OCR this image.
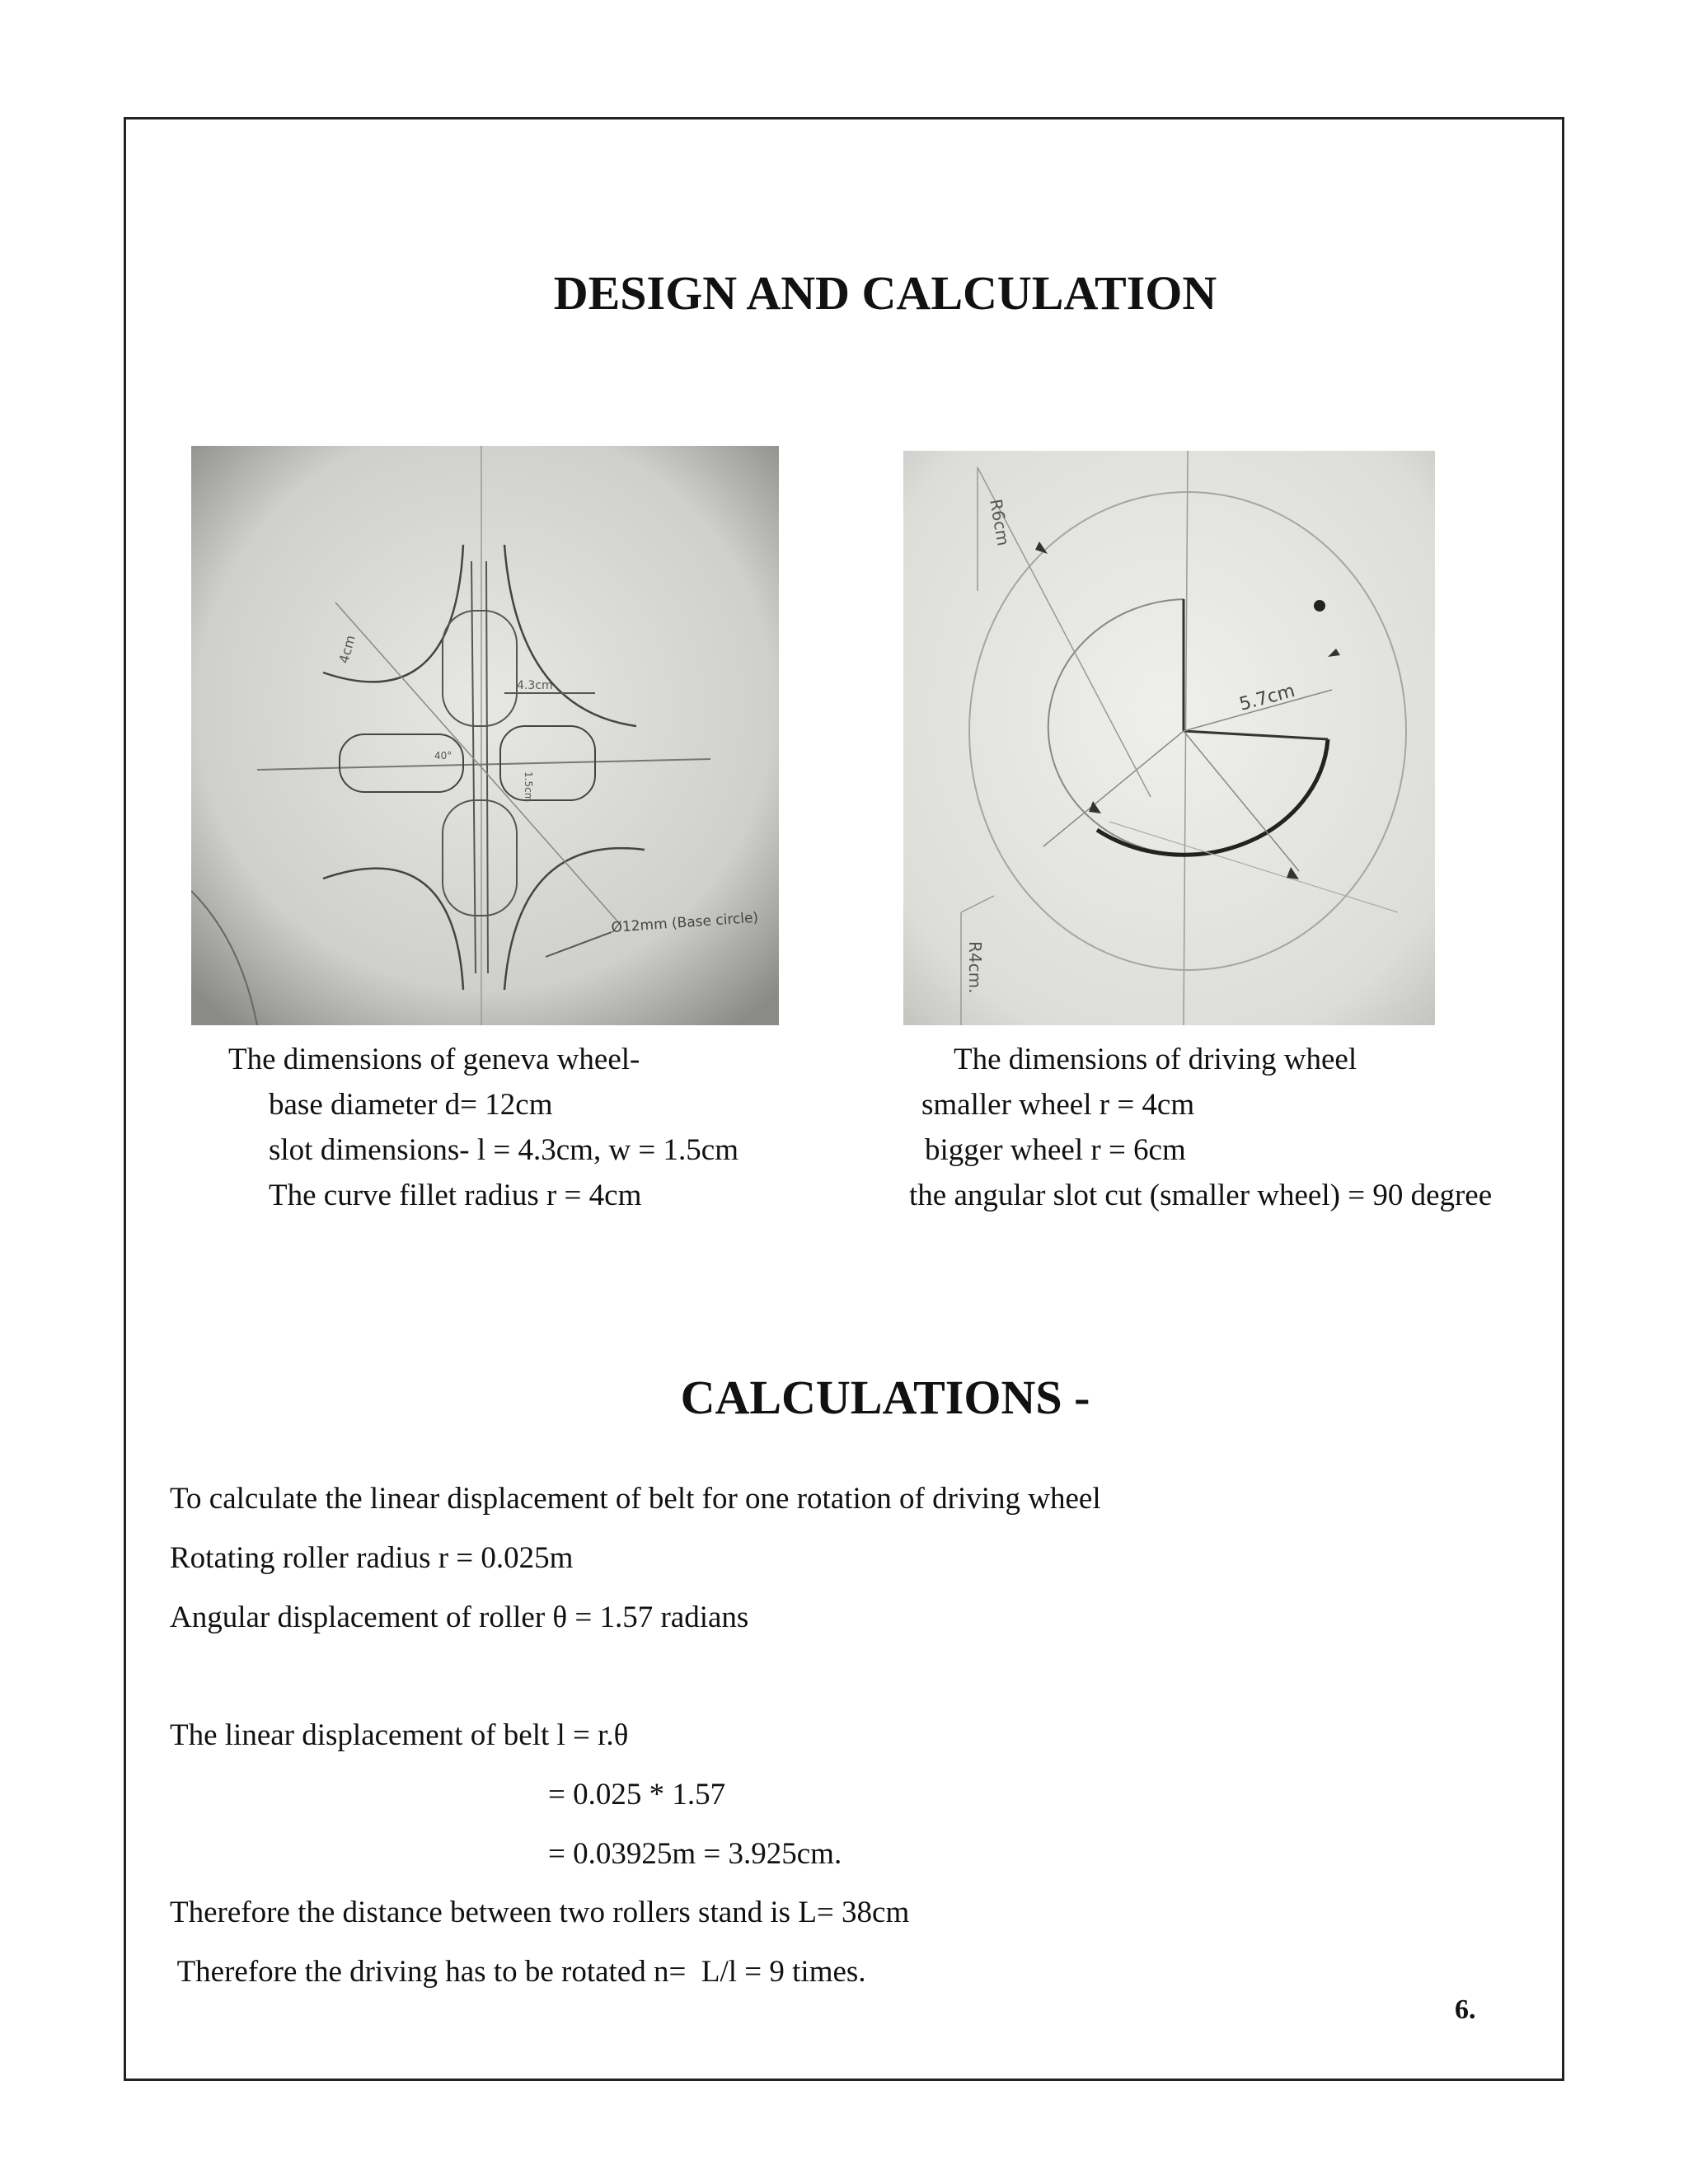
DESIGN AND CALCULATION
4cm
4.3cm
40°
1.5cm
Ø12mm (Base circle)
R6cm
5.7cm
R4cm.
The dimensions of geneva wheel-
base diameter d= 12cm
slot dimensions- l = 4.3cm, w = 1.5cm
The curve fillet radius r = 4cm
The dimensions of driving wheel
smaller wheel r = 4cm
bigger wheel r = 6cm
the angular slot cut (smaller wheel) = 90 degree
CALCULATIONS -
To calculate the linear displacement of belt for one rotation of driving wheel
Rotating roller radius r = 0.025m
Angular displacement of roller θ = 1.57 radians
The linear displacement of belt l = r.θ
= 0.025 * 1.57
= 0.03925m = 3.925cm.
Therefore the distance between two rollers stand is L= 38cm
Therefore the driving has to be rotated n=  L/l = 9 times.
6.
